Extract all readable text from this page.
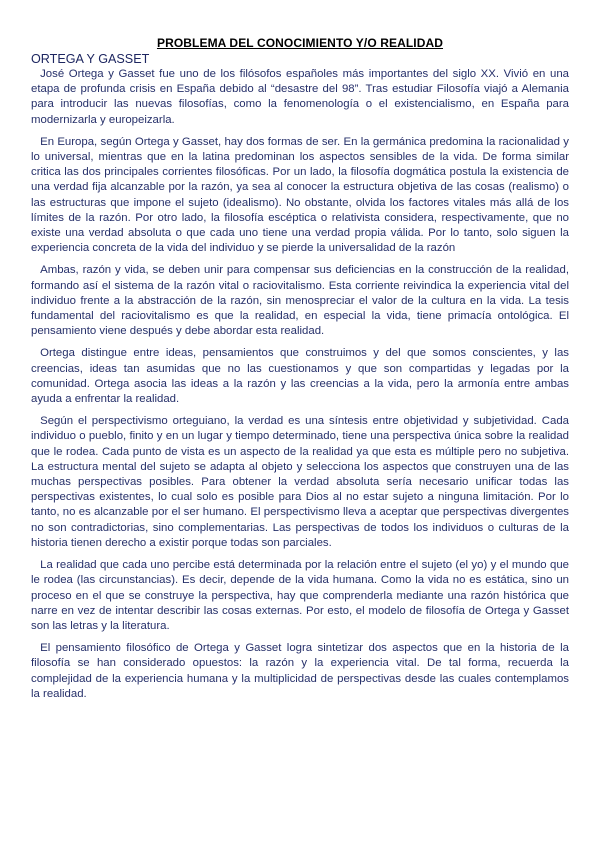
PROBLEMA DEL CONOCIMIENTO Y/O REALIDAD
ORTEGA Y GASSET

José Ortega y Gasset fue uno de los filósofos españoles más importantes del siglo XX. Vivió en una etapa de profunda crisis en España debido al “desastre del 98”. Tras estudiar Filosofía viajó a Alemania para introducir las nuevas filosofías, como la fenomenología o el existencialismo, en España para modernizarla y europeizarla.

En Europa, según Ortega y Gasset, hay dos formas de ser. En la germánica predomina la racionalidad y lo universal, mientras que en la latina predominan los aspectos sensibles de la vida. De forma similar critica las dos principales corrientes filosóficas. Por un lado, la filosofía dogmática postula la existencia de una verdad fija alcanzable por la razón, ya sea al conocer la estructura objetiva de las cosas (realismo) o las estructuras que impone el sujeto (idealismo). No obstante, olvida los factores vitales más allá de los límites de la razón. Por otro lado, la filosofía escéptica o relativista considera, respectivamente, que no existe una verdad absoluta o que cada uno tiene una verdad propia válida. Por lo tanto, solo siguen la experiencia concreta de la vida del individuo y se pierde la universalidad de la razón

Ambas, razón y vida, se deben unir para compensar sus deficiencias en la construcción de la realidad, formando así el sistema de la razón vital o raciovitalismo. Esta corriente reivindica la experiencia vital del individuo frente a la abstracción de la razón, sin menospreciar el valor de la cultura en la vida. La tesis fundamental del raciovitalismo es que la realidad, en especial la vida, tiene primacía ontológica. El pensamiento viene después y debe abordar esta realidad.

Ortega distingue entre ideas, pensamientos que construimos y del que somos conscientes, y las creencias, ideas tan asumidas que no las cuestionamos y que son compartidas y legadas por la comunidad. Ortega asocia las ideas a la razón y las creencias a la vida, pero la armonía entre ambas ayuda a enfrentar la realidad.

Según el perspectivismo orteguiano, la verdad es una síntesis entre objetividad y subjetividad. Cada individuo o pueblo, finito y en un lugar y tiempo determinado, tiene una perspectiva única sobre la realidad que le rodea. Cada punto de vista es un aspecto de la realidad ya que esta es múltiple pero no subjetiva. La estructura mental del sujeto se adapta al objeto y selecciona los aspectos que construyen una de las muchas perspectivas posibles. Para obtener la verdad absoluta sería necesario unificar todas las perspectivas existentes, lo cual solo es posible para Dios al no estar sujeto a ninguna limitación. Por lo tanto, no es alcanzable por el ser humano. El perspectivismo lleva a aceptar que perspectivas divergentes no son contradictorias, sino complementarias. Las perspectivas de todos los individuos o culturas de la historia tienen derecho a existir porque todas son parciales.

La realidad que cada uno percibe está determinada por la relación entre el sujeto (el yo) y el mundo que le rodea (las circunstancias). Es decir, depende de la vida humana. Como la vida no es estática, sino un proceso en el que se construye la perspectiva, hay que comprenderla mediante una razón histórica que narre en vez de intentar describir las cosas externas. Por esto, el modelo de filosofía de Ortega y Gasset son las letras y la literatura.

El pensamiento filosófico de Ortega y Gasset logra sintetizar dos aspectos que en la historia de la filosofía se han considerado opuestos: la razón y la experiencia vital. De tal forma, recuerda la complejidad de la experiencia humana y la multiplicidad de perspectivas desde las cuales contemplamos la realidad.
